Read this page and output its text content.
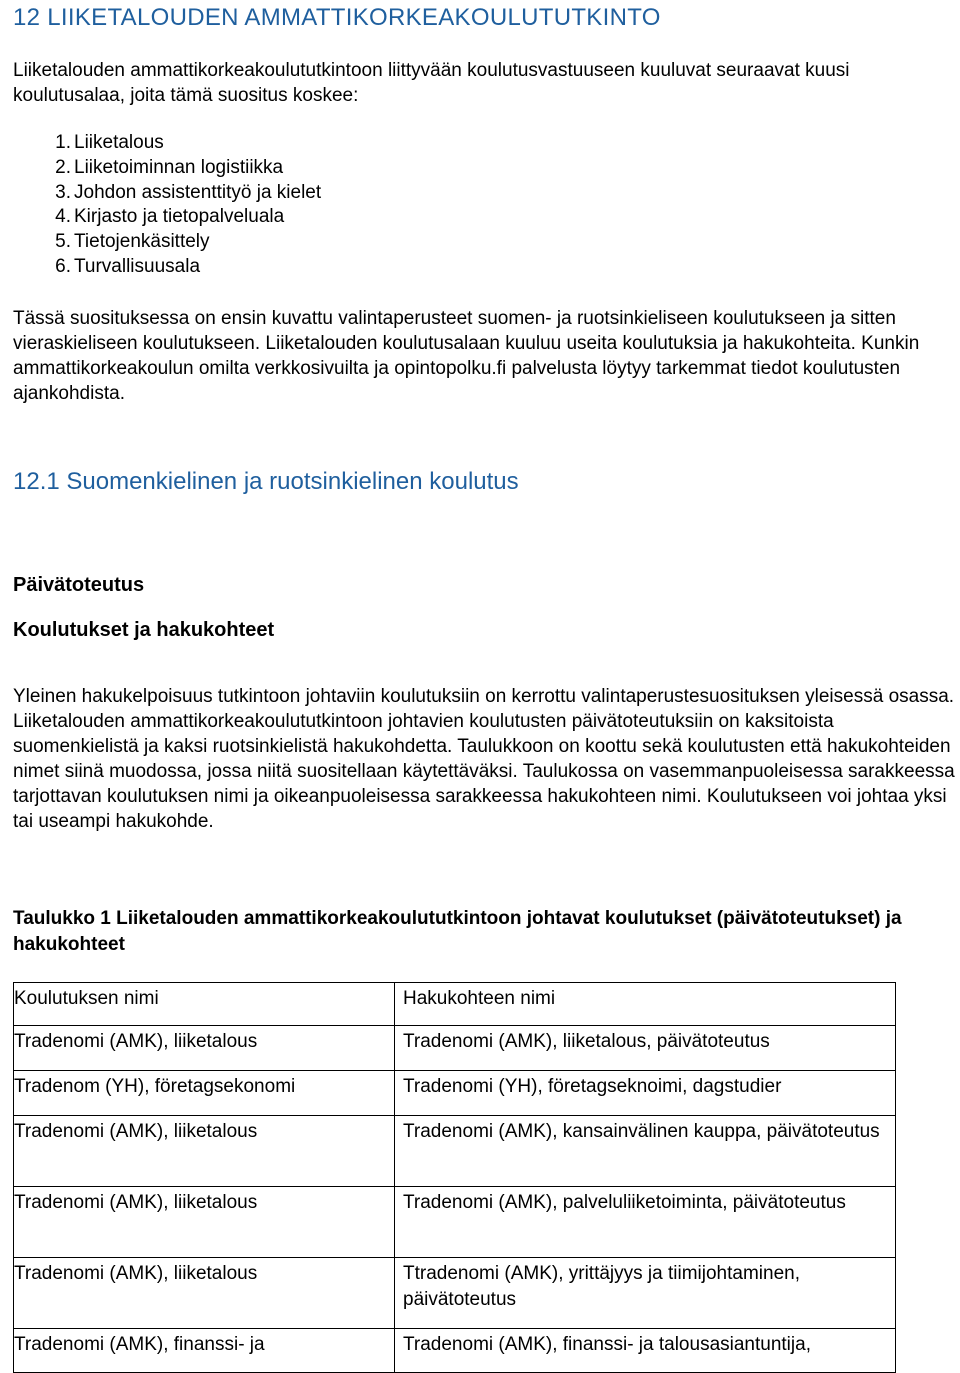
12 LIIKETALOUDEN AMMATTIKORKEAKOULUTUTKINTO
Liiketalouden ammattikorkeakoulututkintoon liittyvään koulutusvastuuseen kuuluvat seuraavat kuusi koulutusalaa, joita tämä suositus koskee:
1. Liiketalous
2. Liiketoiminnan logistiikka
3. Johdon assistenttityö ja kielet
4. Kirjasto ja tietopalveluala
5. Tietojenkäsittely
6. Turvallisuusala
Tässä suosituksessa on ensin kuvattu valintaperusteet suomen- ja ruotsinkieliseen koulutukseen ja sitten vieraskieliseen koulutukseen. Liiketalouden koulutusalaan kuuluu useita koulutuksia ja hakukohteita. Kunkin ammattikorkeakoulun omilta verkkosivuilta ja opintopolku.fi palvelusta löytyy tarkemmat tiedot koulutusten ajankohdista.
12.1 Suomenkielinen ja ruotsinkielinen koulutus
Päivätoteutus
Koulutukset ja hakukohteet
Yleinen hakukelpoisuus tutkintoon johtaviin koulutuksiin on kerrottu valintaperustesuosituksen yleisessä osassa. Liiketalouden ammattikorkeakoulututkintoon johtavien koulutusten päivätoteutuksiin on kaksitoista suomenkielistä ja kaksi ruotsinkielistä hakukohdetta. Taulukkoon on koottu sekä koulutusten että hakukohteiden nimet siinä muodossa, jossa niitä suositellaan käytettäväksi. Taulukossa on vasemmanpuoleisessa sarakkeessa tarjottavan koulutuksen nimi ja oikeanpuoleisessa sarakkeessa hakukohteen nimi. Koulutukseen voi johtaa yksi tai useampi hakukohde.
Taulukko 1 Liiketalouden ammattikorkeakoulututkintoon johtavat koulutukset (päivätoteutukset) ja hakukohteet
Koulutuksen nimi	Hakukohteen nimi

Tradenomi (AMK), liiketalous	Tradenomi (AMK), liiketalous, päivätoteutus

Tradenom (YH), företagsekonomi	Tradenomi (YH), företagseknoimi, dagstudier

Tradenomi (AMK), liiketalous	Tradenomi (AMK), kansainvälinen kauppa, päivätoteutus

Tradenomi (AMK), liiketalous	Tradenomi (AMK), palveluliiketoiminta, päivätoteutus

Tradenomi (AMK), liiketalous	Ttradenomi (AMK), yrittäjyys ja tiimijohtaminen, päivätoteutus

Tradenomi (AMK), finanssi- ja	Tradenomi (AMK), finanssi- ja talousasiantuntija,
